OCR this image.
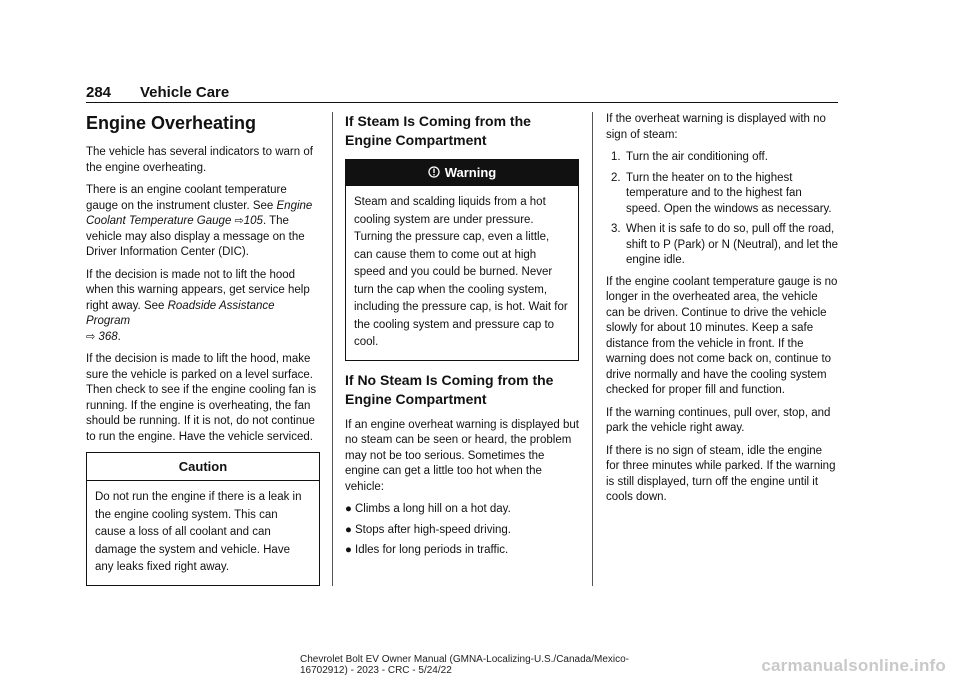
284 Vehicle Care
Engine Overheating

The vehicle has several indicators to warn of the engine overheating.

There is an engine coolant temperature gauge on the instrument cluster. See Engine Coolant Temperature Gauge ⇨105. The vehicle may also display a message on the Driver Information Center (DIC).

If the decision is made not to lift the hood when this warning appears, get service help right away. See Roadside Assistance Program
⇨ 368.

If the decision is made to lift the hood, make sure the vehicle is parked on a level surface. Then check to see if the engine cooling fan is running. If the engine is overheating, the fan should be running. If it is not, do not continue to run the engine. Have the vehicle serviced.

Caution

Do not run the engine if there is a leak in the engine cooling system. This can cause a loss of all coolant and can damage the system and vehicle. Have any leaks fixed right away.

If Steam Is Coming from the Engine Compartment
Warning

Steam and scalding liquids from a hot cooling system are under pressure. Turning the pressure cap, even a little, can cause them to come out at high speed and you could be burned. Never turn the cap when the cooling system, including the pressure cap, is hot. Wait for the cooling system and pressure cap to cool.

If No Steam Is Coming from the Engine Compartment

If an engine overheat warning is displayed but no steam can be seen or heard, the problem may not be too serious. Sometimes the engine can get a little too hot when the vehicle:

● Climbs a long hill on a hot day.
● Stops after high-speed driving.
● Idles for long periods in traffic.

If the overheat warning is displayed with no sign of steam:

1. Turn the air conditioning off.
2. Turn the heater on to the highest temperature and to the highest fan speed. Open the windows as necessary.
3. When it is safe to do so, pull off the road, shift to P (Park) or N (Neutral), and let the engine idle.

If the engine coolant temperature gauge is no longer in the overheated area, the vehicle can be driven. Continue to drive the vehicle slowly for about 10 minutes. Keep a safe distance from the vehicle in front. If the warning does not come back on, continue to drive normally and have the cooling system checked for proper fill and function.

If the warning continues, pull over, stop, and park the vehicle right away.

If there is no sign of steam, idle the engine for three minutes while parked. If the warning is still displayed, turn off the engine until it cools down.

Chevrolet Bolt EV Owner Manual (GMNA-Localizing-U.S./Canada/Mexico-
16702912) - 2023 - CRC - 5/24/22	carmanualsonline.info
